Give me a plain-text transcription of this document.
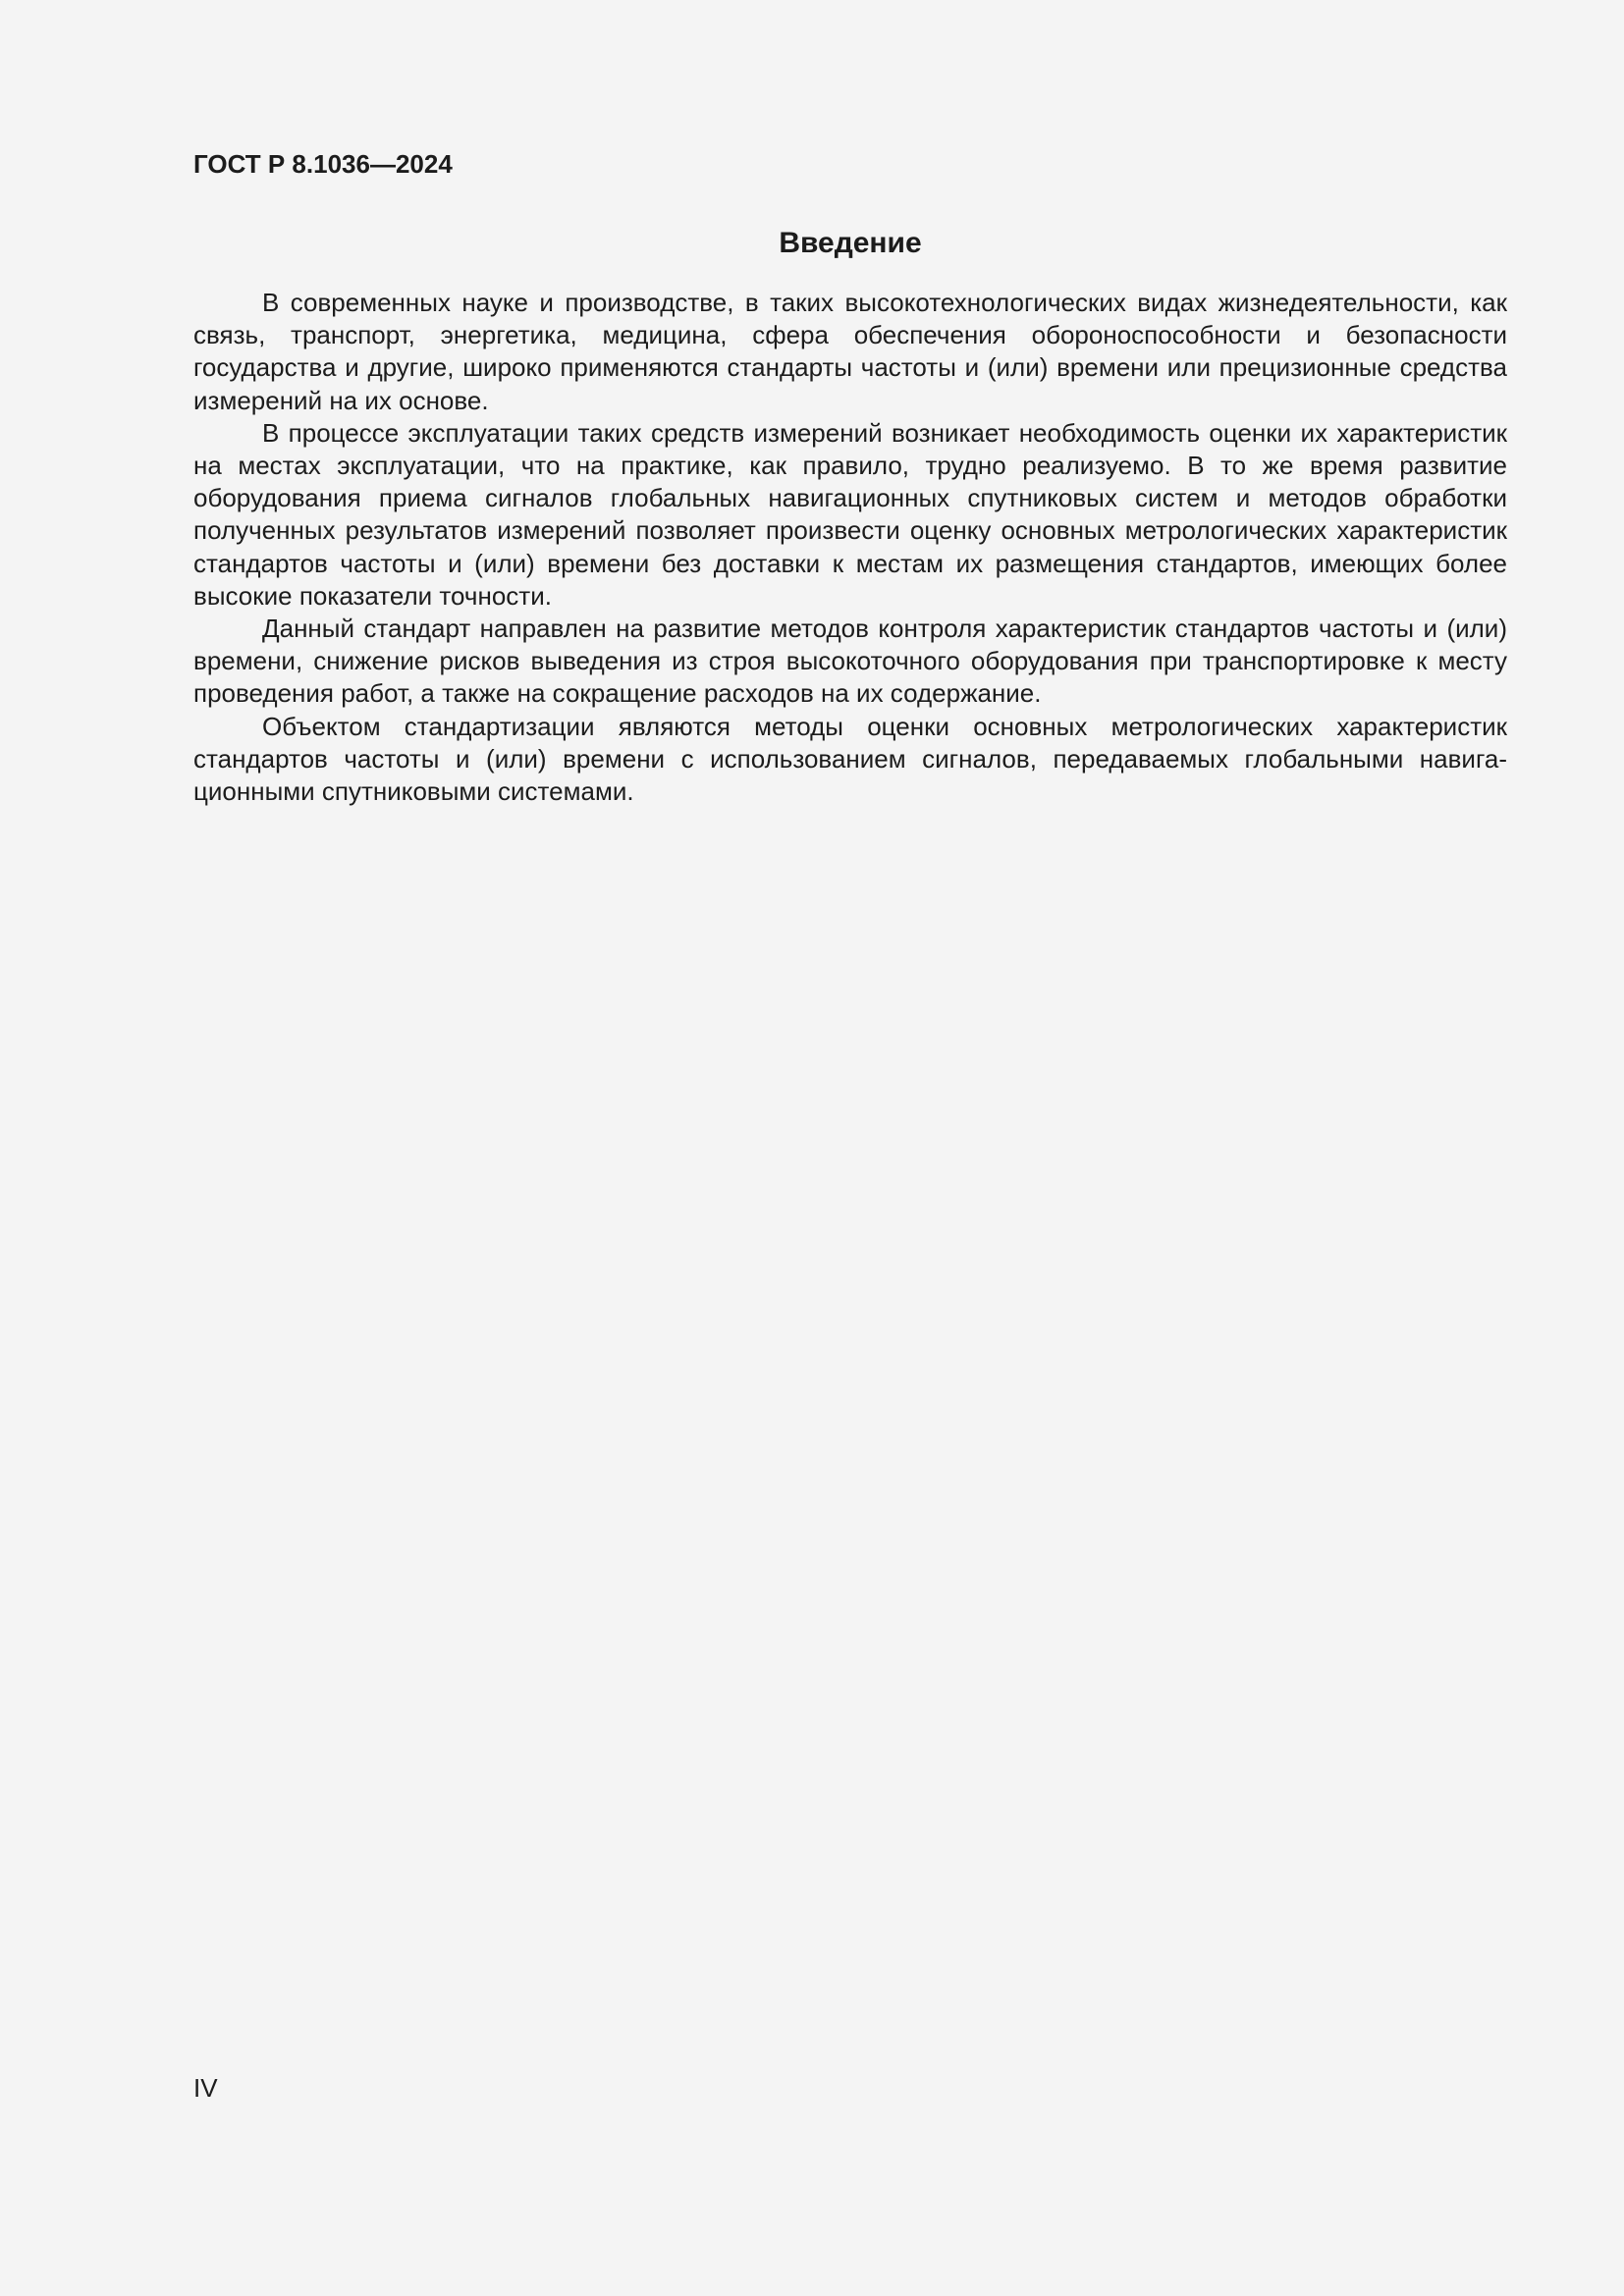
ГОСТ Р 8.1036—2024
Введение

В современных науке и производстве, в таких высокотехнологических видах жизнедеятельности, как связь, транспорт, энергетика, медицина, сфера обеспечения обороноспособности и безопасности государства и другие, широко применяются стандарты частоты и (или) времени или прецизионные средства измерений на их основе.

В процессе эксплуатации таких средств измерений возникает необходимость оценки их характеристик на местах эксплуатации, что на практике, как правило, трудно реализуемо. В то же время развитие оборудования приема сигналов глобальных навигационных спутниковых систем и методов обработки полученных результатов измерений позволяет произвести оценку основных метрологических характеристик стандартов частоты и (или) времени без доставки к местам их размещения стандартов, имеющих более высокие показатели точности.

Данный стандарт направлен на развитие методов контроля характеристик стандартов частоты и (или) времени, снижение рисков выведения из строя высокоточного оборудования при транспортировке к месту проведения работ, а также на сокращение расходов на их содержание.

Объектом стандартизации являются методы оценки основных метрологических характеристик стандартов частоты и (или) времени с использованием сигналов, передаваемых глобальными навигационными спутниковыми системами.

IV
